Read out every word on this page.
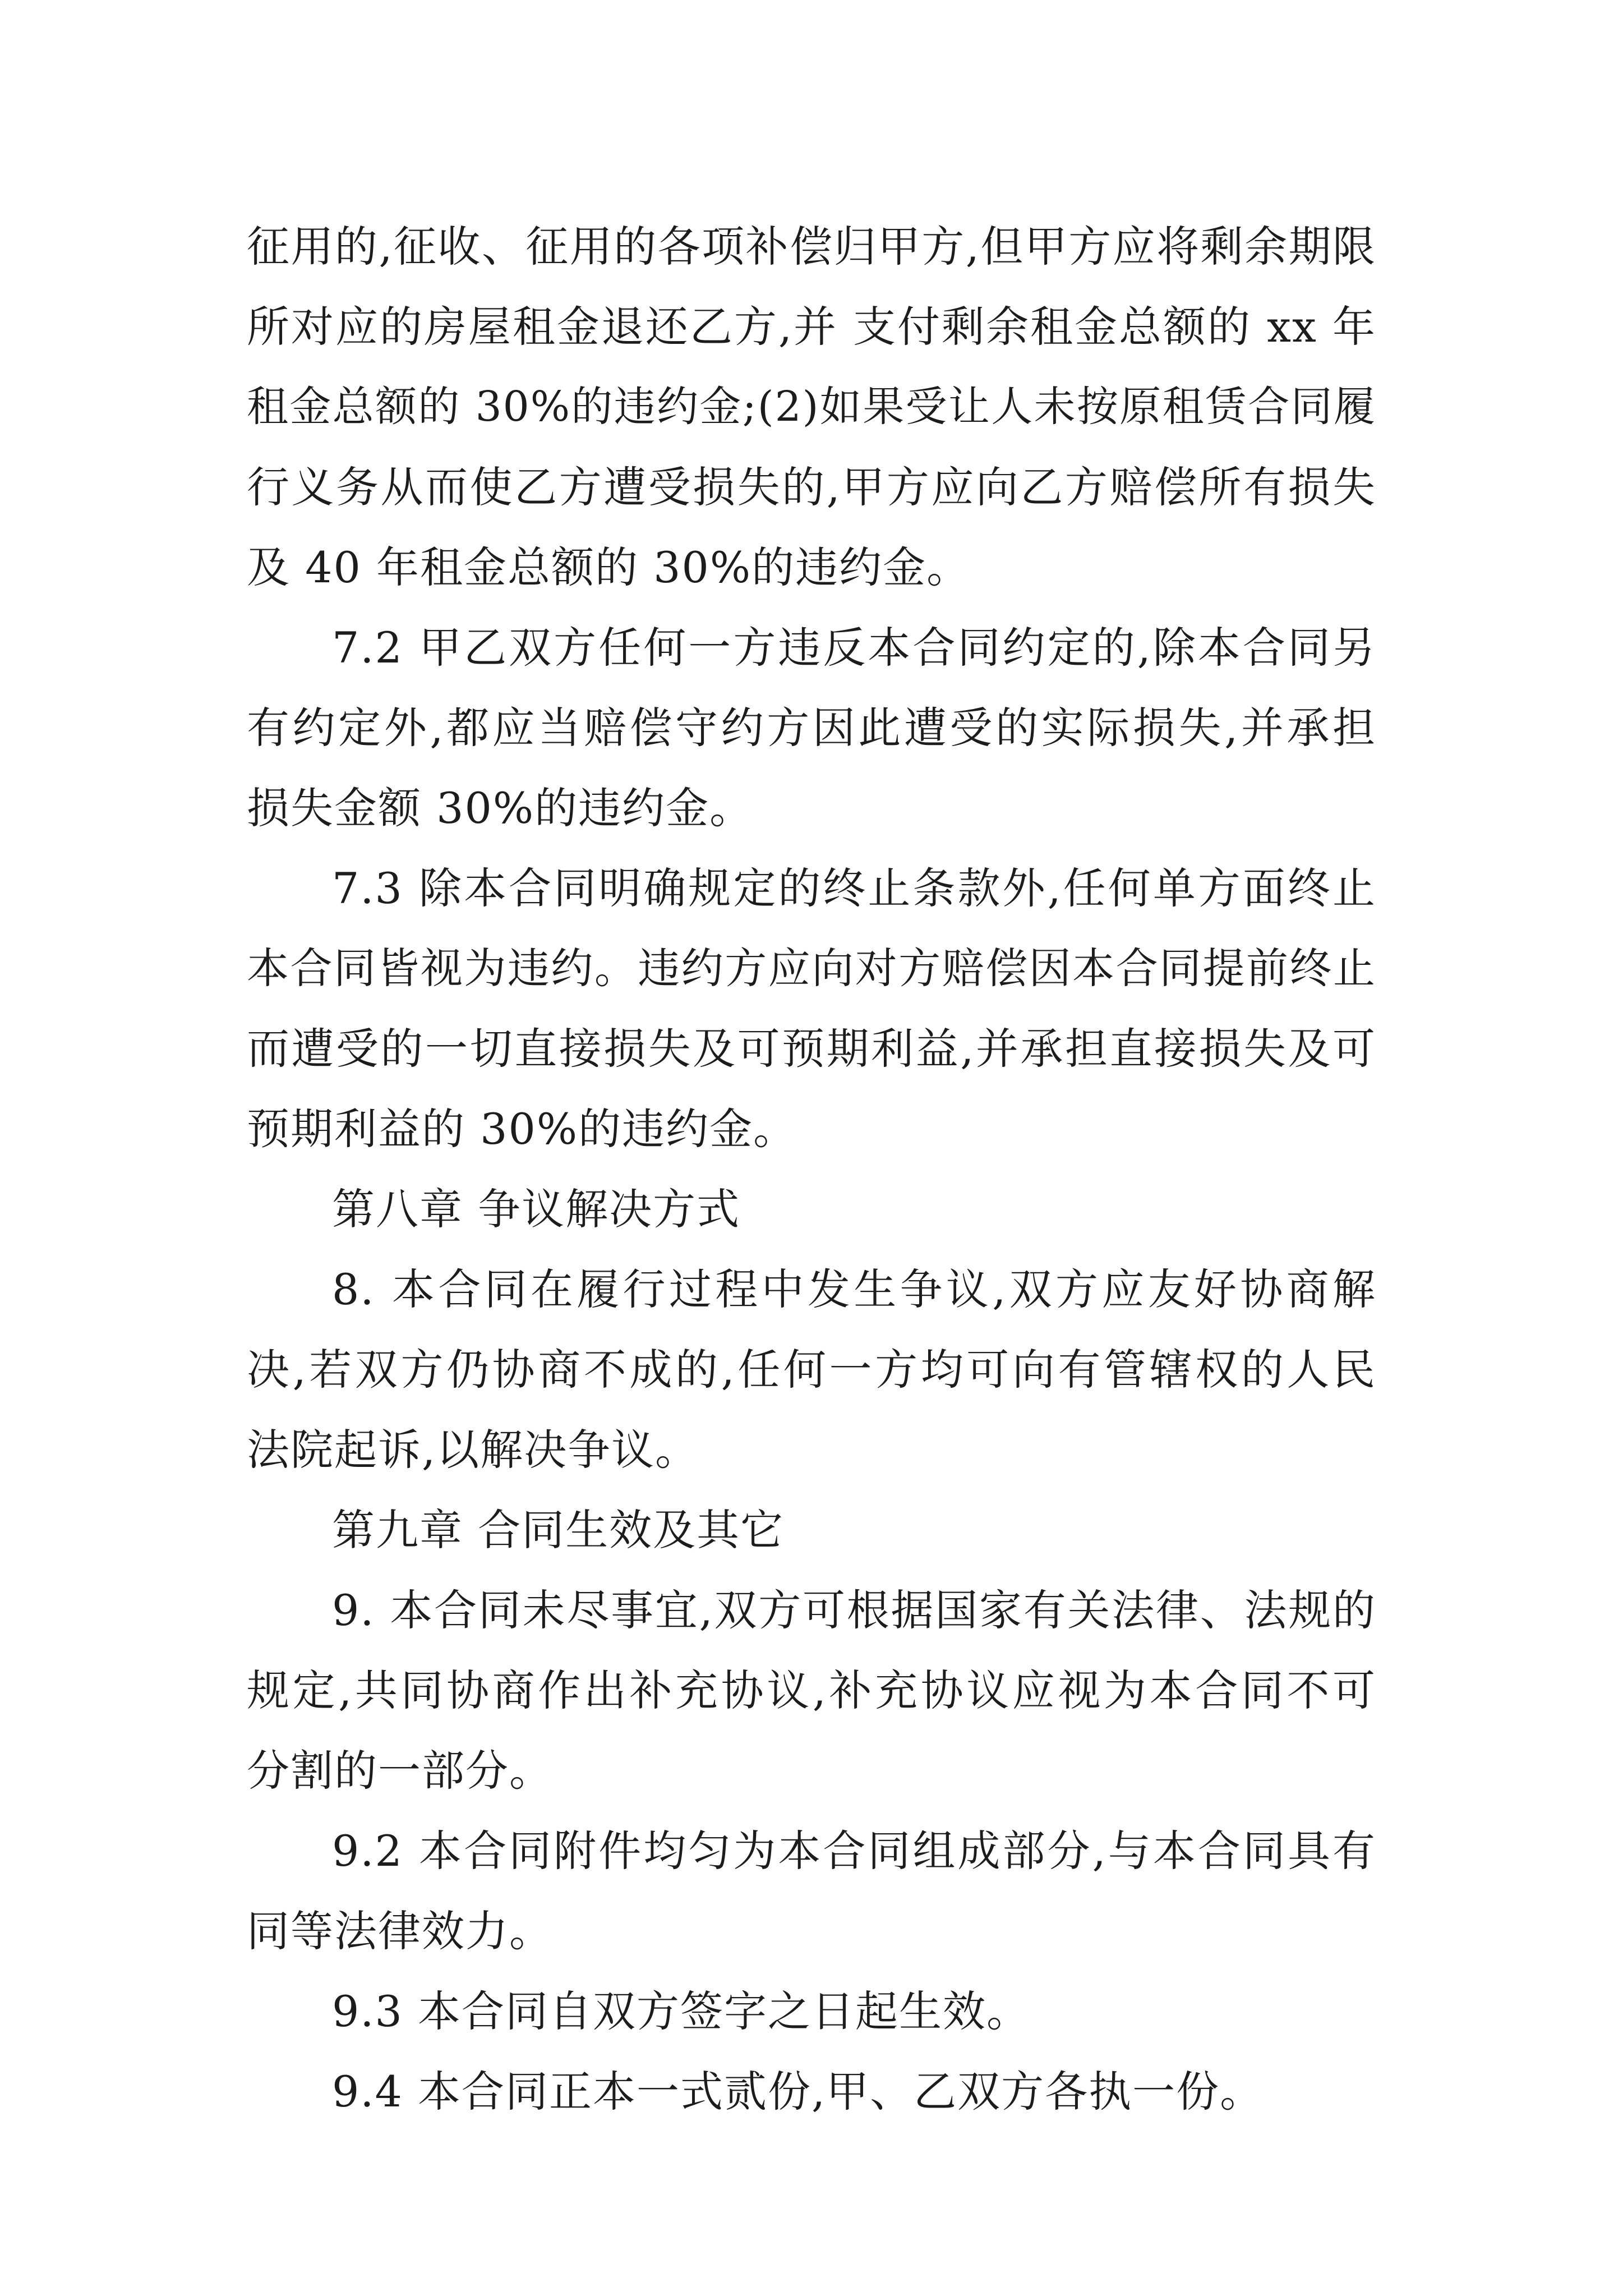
征用的,征收、征用的各项补偿归甲方,但甲方应将剩余期限
所对应的房屋租金退还乙方,并 支付剩余租金总额的 xx 年
租金总额的 30%的违约金;(2)如果受让人未按原租赁合同履
行义务从而使乙方遭受损失的,甲方应向乙方赔偿所有损失
及 40 年租金总额的 30%的违约金。
7.2 甲乙双方任何一方违反本合同约定的,除本合同另
有约定外,都应当赔偿守约方因此遭受的实际损失,并承担
损失金额 30%的违约金。
7.3 除本合同明确规定的终止条款外,任何单方面终止
本合同皆视为违约。违约方应向对方赔偿因本合同提前终止
而遭受的一切直接损失及可预期利益,并承担直接损失及可
预期利益的 30%的违约金。
第八章 争议解决方式
8. 本合同在履行过程中发生争议,双方应友好协商解
决,若双方仍协商不成的,任何一方均可向有管辖权的人民
法院起诉,以解决争议。
第九章 合同生效及其它
9. 本合同未尽事宜,双方可根据国家有关法律、法规的
规定,共同协商作出补充协议,补充协议应视为本合同不可
分割的一部分。
9.2 本合同附件均匀为本合同组成部分,与本合同具有
同等法律效力。
9.3 本合同自双方签字之日起生效。
9.4 本合同正本一式贰份,甲、乙双方各执一份。
